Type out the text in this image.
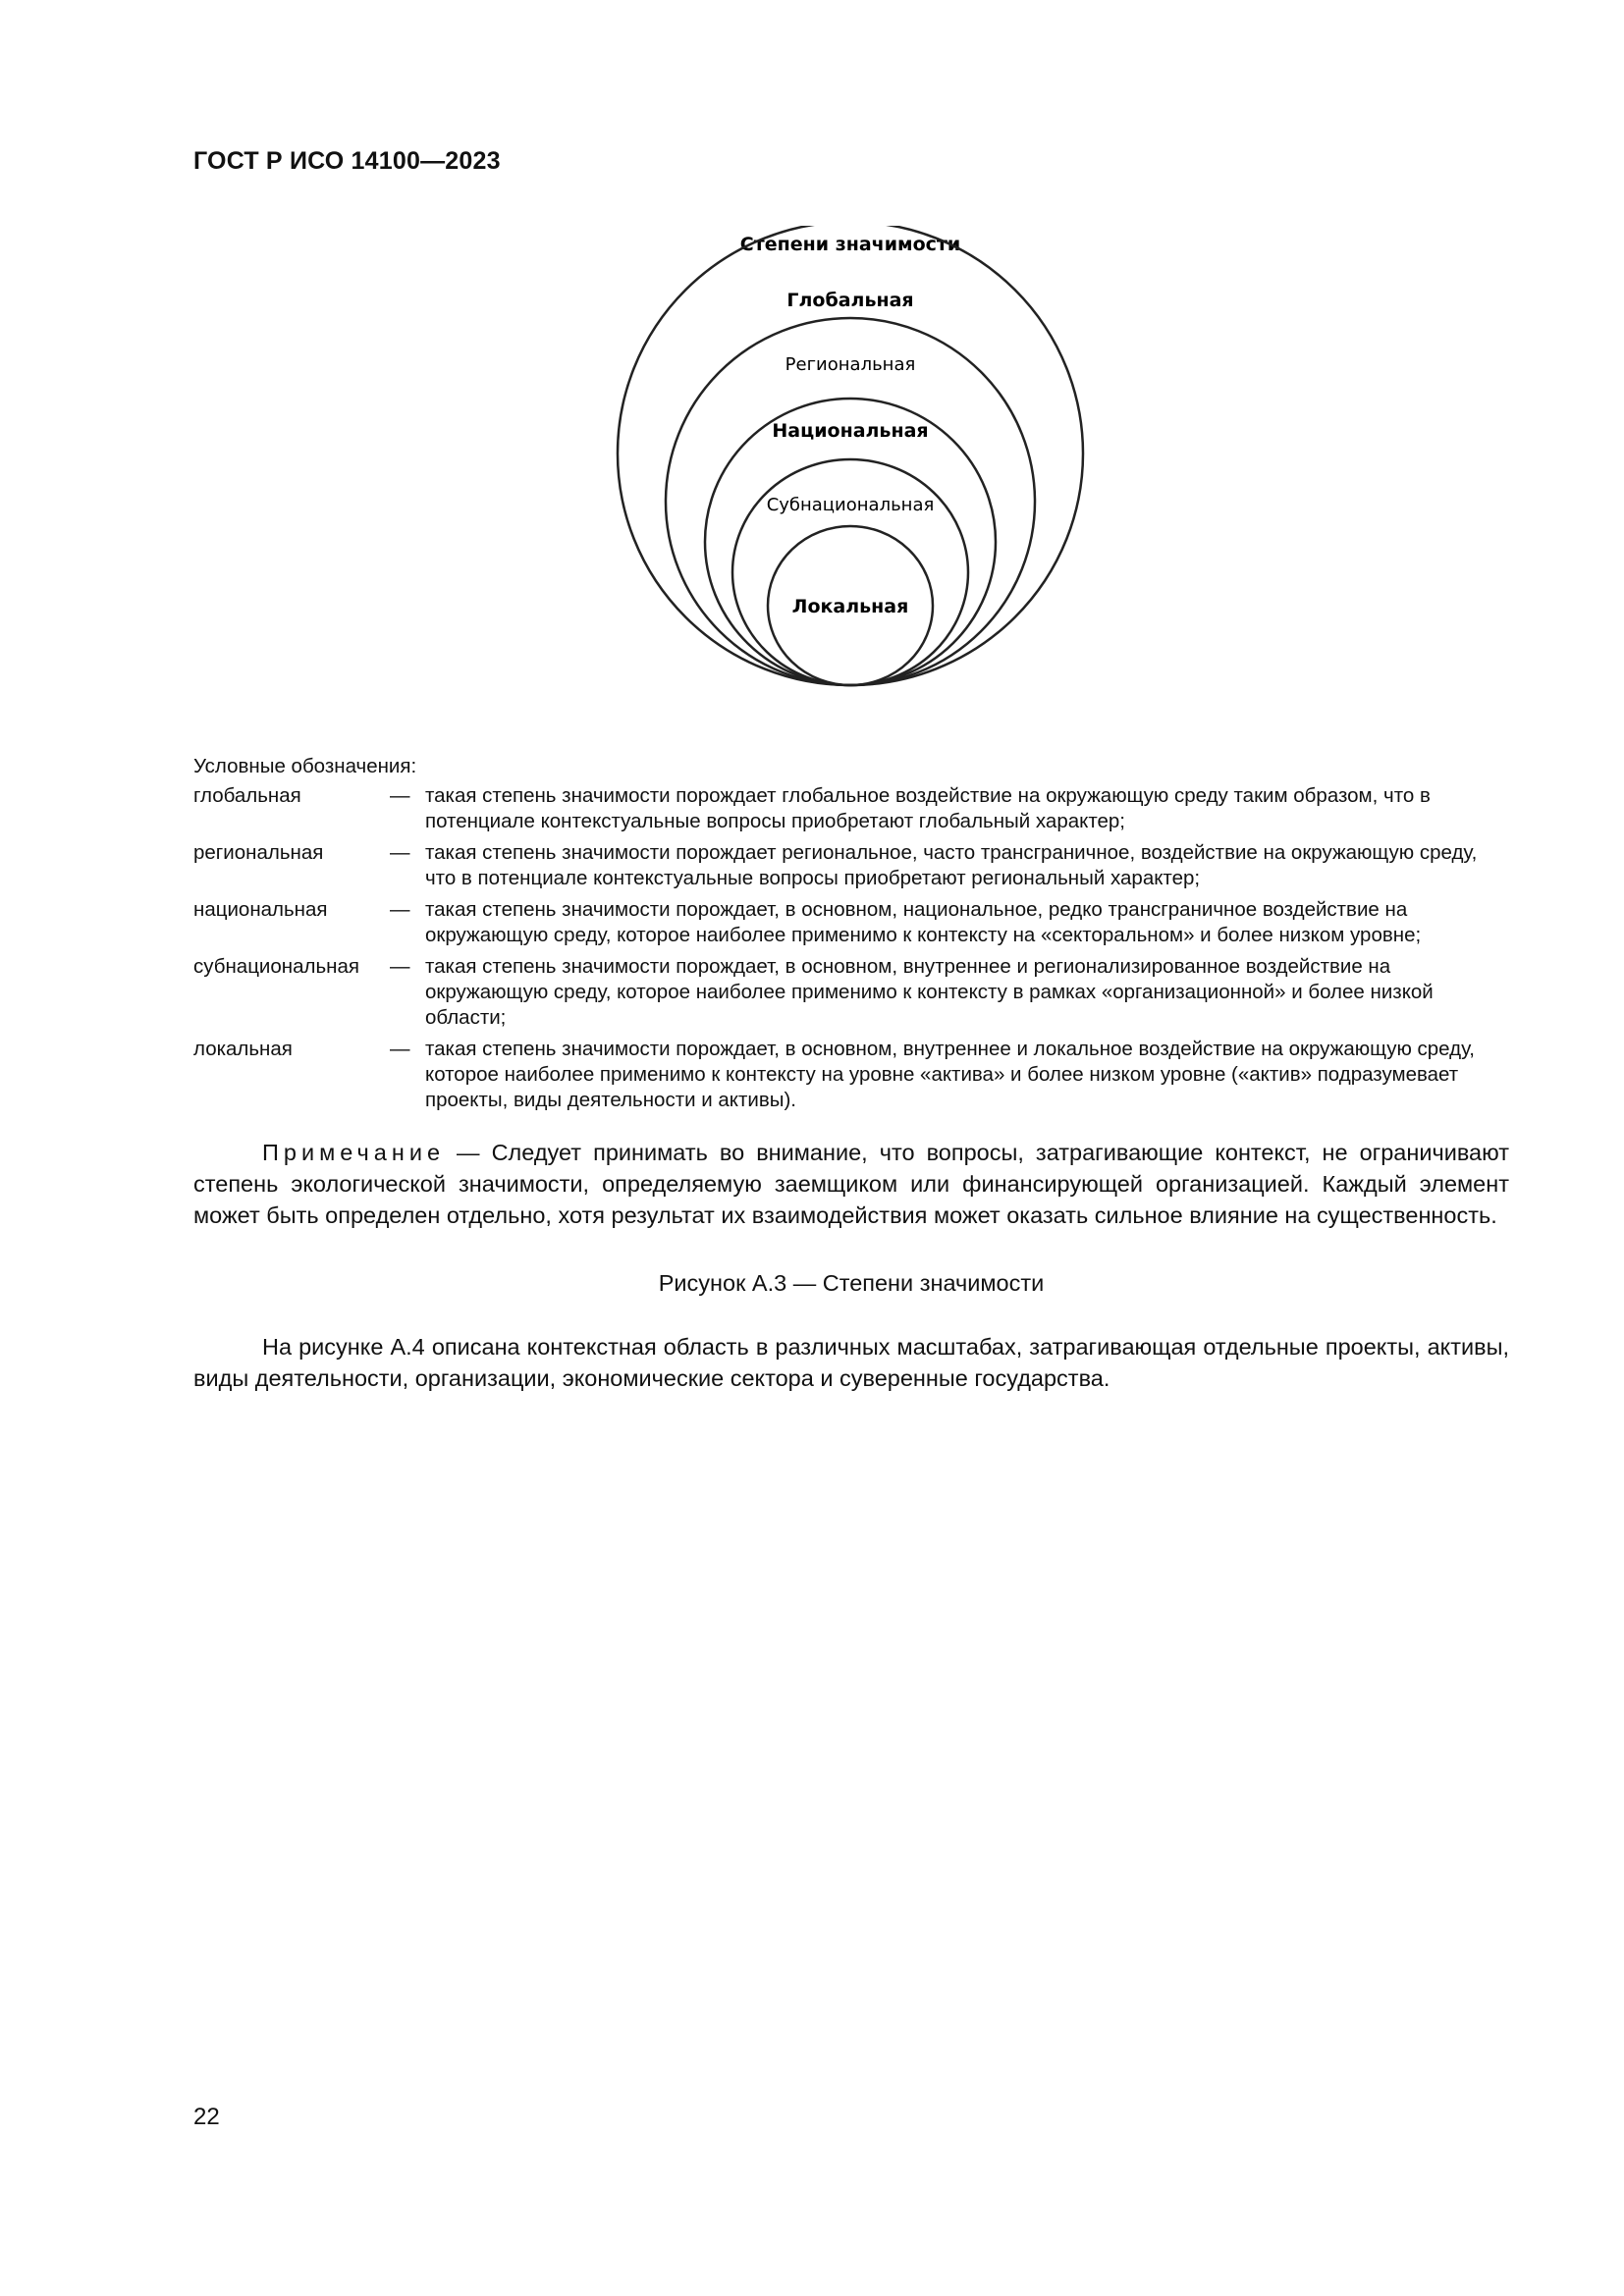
ГОСТ Р ИСО 14100—2023
Степени значимости
Глобальная
Региональная
Национальная
Субнациональная
Локальная
Условные обозначения:
глобальная	— такая степень значимости порождает глобальное воздействие на окружающую среду таким образом, что в потенциале контекстуальные вопросы приобретают глобальный характер;
региональная	— такая степень значимости порождает региональное, часто трансграничное, воздействие на окружающую среду, что в потенциале контекстуальные вопросы приобретают региональный характер;
национальная	— такая степень значимости порождает, в основном, национальное, редко трансграничное воздействие на окружающую среду, которое наиболее применимо к контексту на «секторальном» и более низком уровне;
субнациональная	— такая степень значимости порождает, в основном, внутреннее и регионализированное воздействие на окружающую среду, которое наиболее применимо к контексту в рамках «организационной» и более низкой области;
локальная	— такая степень значимости порождает, в основном, внутреннее и локальное воздействие на окружающую среду, которое наиболее применимо к контексту на уровне «актива» и более низком уровне («актив» подразумевает проекты, виды деятельности и активы).
Примечание — Следует принимать во внимание, что вопросы, затрагивающие контекст, не ограничивают степень экологической значимости, определяемую заемщиком или финансирующей организацией. Каждый элемент может быть определен отдельно, хотя результат их взаимодействия может оказать сильное влияние на существенность.
Рисунок А.3 — Степени значимости
На рисунке А.4 описана контекстная область в различных масштабах, затрагивающая отдельные проекты, активы, виды деятельности, организации, экономические сектора и суверенные государства.
22
